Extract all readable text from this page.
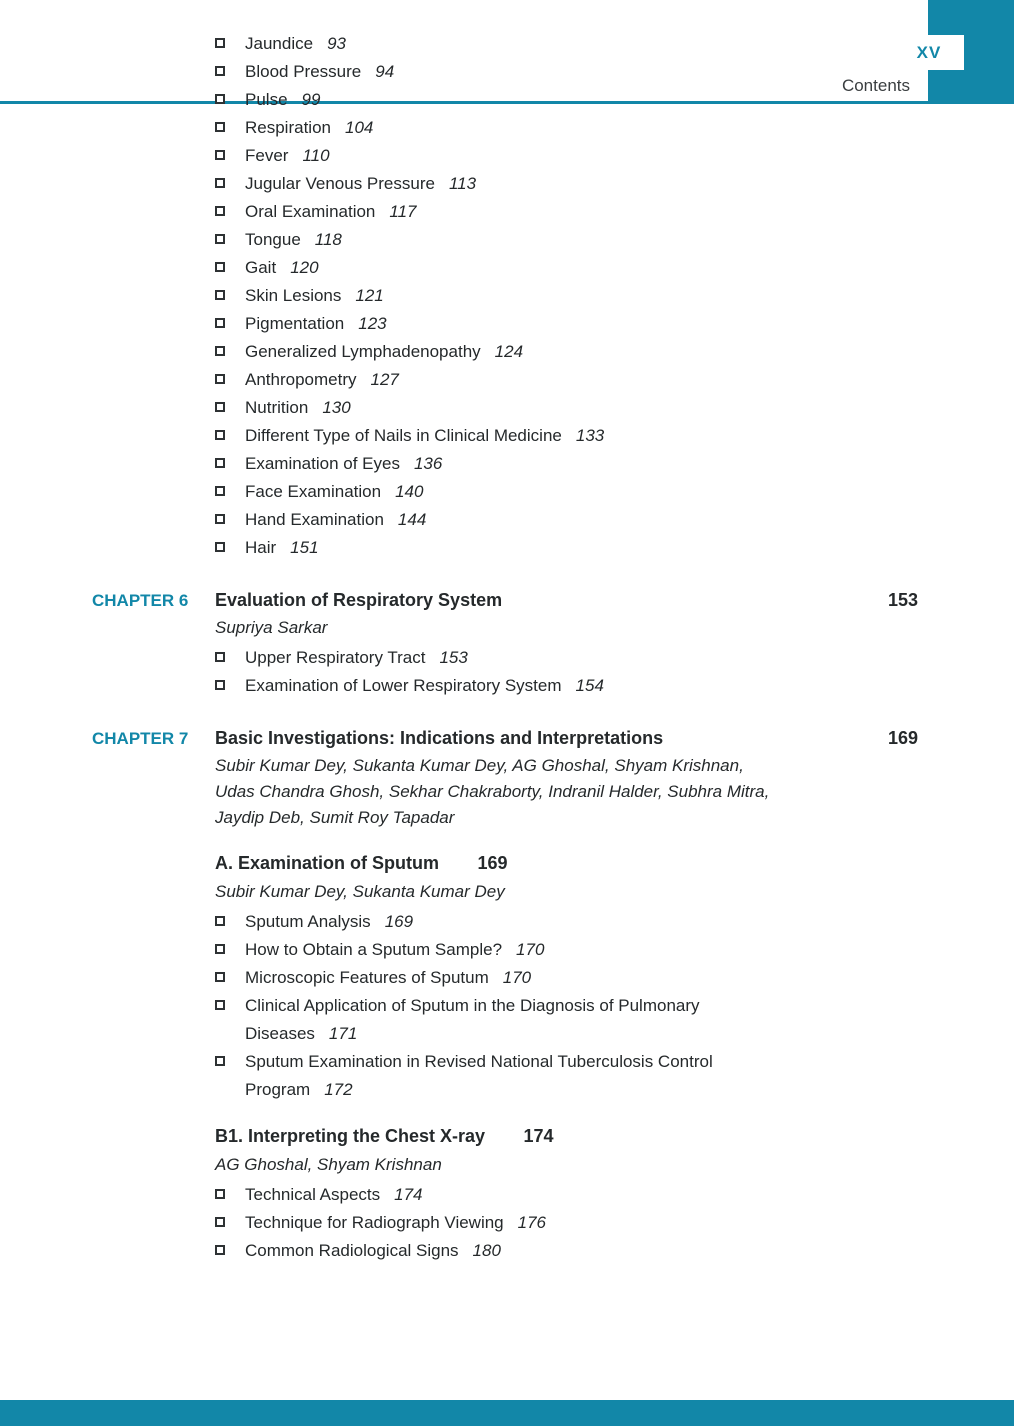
XV
Contents
Jaundice 93
Blood Pressure 94
Pulse 99
Respiration 104
Fever 110
Jugular Venous Pressure 113
Oral Examination 117
Tongue 118
Gait 120
Skin Lesions 121
Pigmentation 123
Generalized Lymphadenopathy 124
Anthropometry 127
Nutrition 130
Different Type of Nails in Clinical Medicine 133
Examination of Eyes 136
Face Examination 140
Hand Examination 144
Hair 151
CHAPTER 6	Evaluation of Respiratory System	153
Supriya Sarkar
Upper Respiratory Tract 153
Examination of Lower Respiratory System 154
CHAPTER 7	Basic Investigations: Indications and Interpretations	169
Subir Kumar Dey, Sukanta Kumar Dey, AG Ghoshal, Shyam Krishnan, Udas Chandra Ghosh, Sekhar Chakraborty, Indranil Halder, Subhra Mitra, Jaydip Deb, Sumit Roy Tapadar
A. Examination of Sputum 169
Subir Kumar Dey, Sukanta Kumar Dey
Sputum Analysis 169
How to Obtain a Sputum Sample? 170
Microscopic Features of Sputum 170
Clinical Application of Sputum in the Diagnosis of Pulmonary Diseases 171
Sputum Examination in Revised National Tuberculosis Control Program 172
B1. Interpreting the Chest X-ray 174
AG Ghoshal, Shyam Krishnan
Technical Aspects 174
Technique for Radiograph Viewing 176
Common Radiological Signs 180
